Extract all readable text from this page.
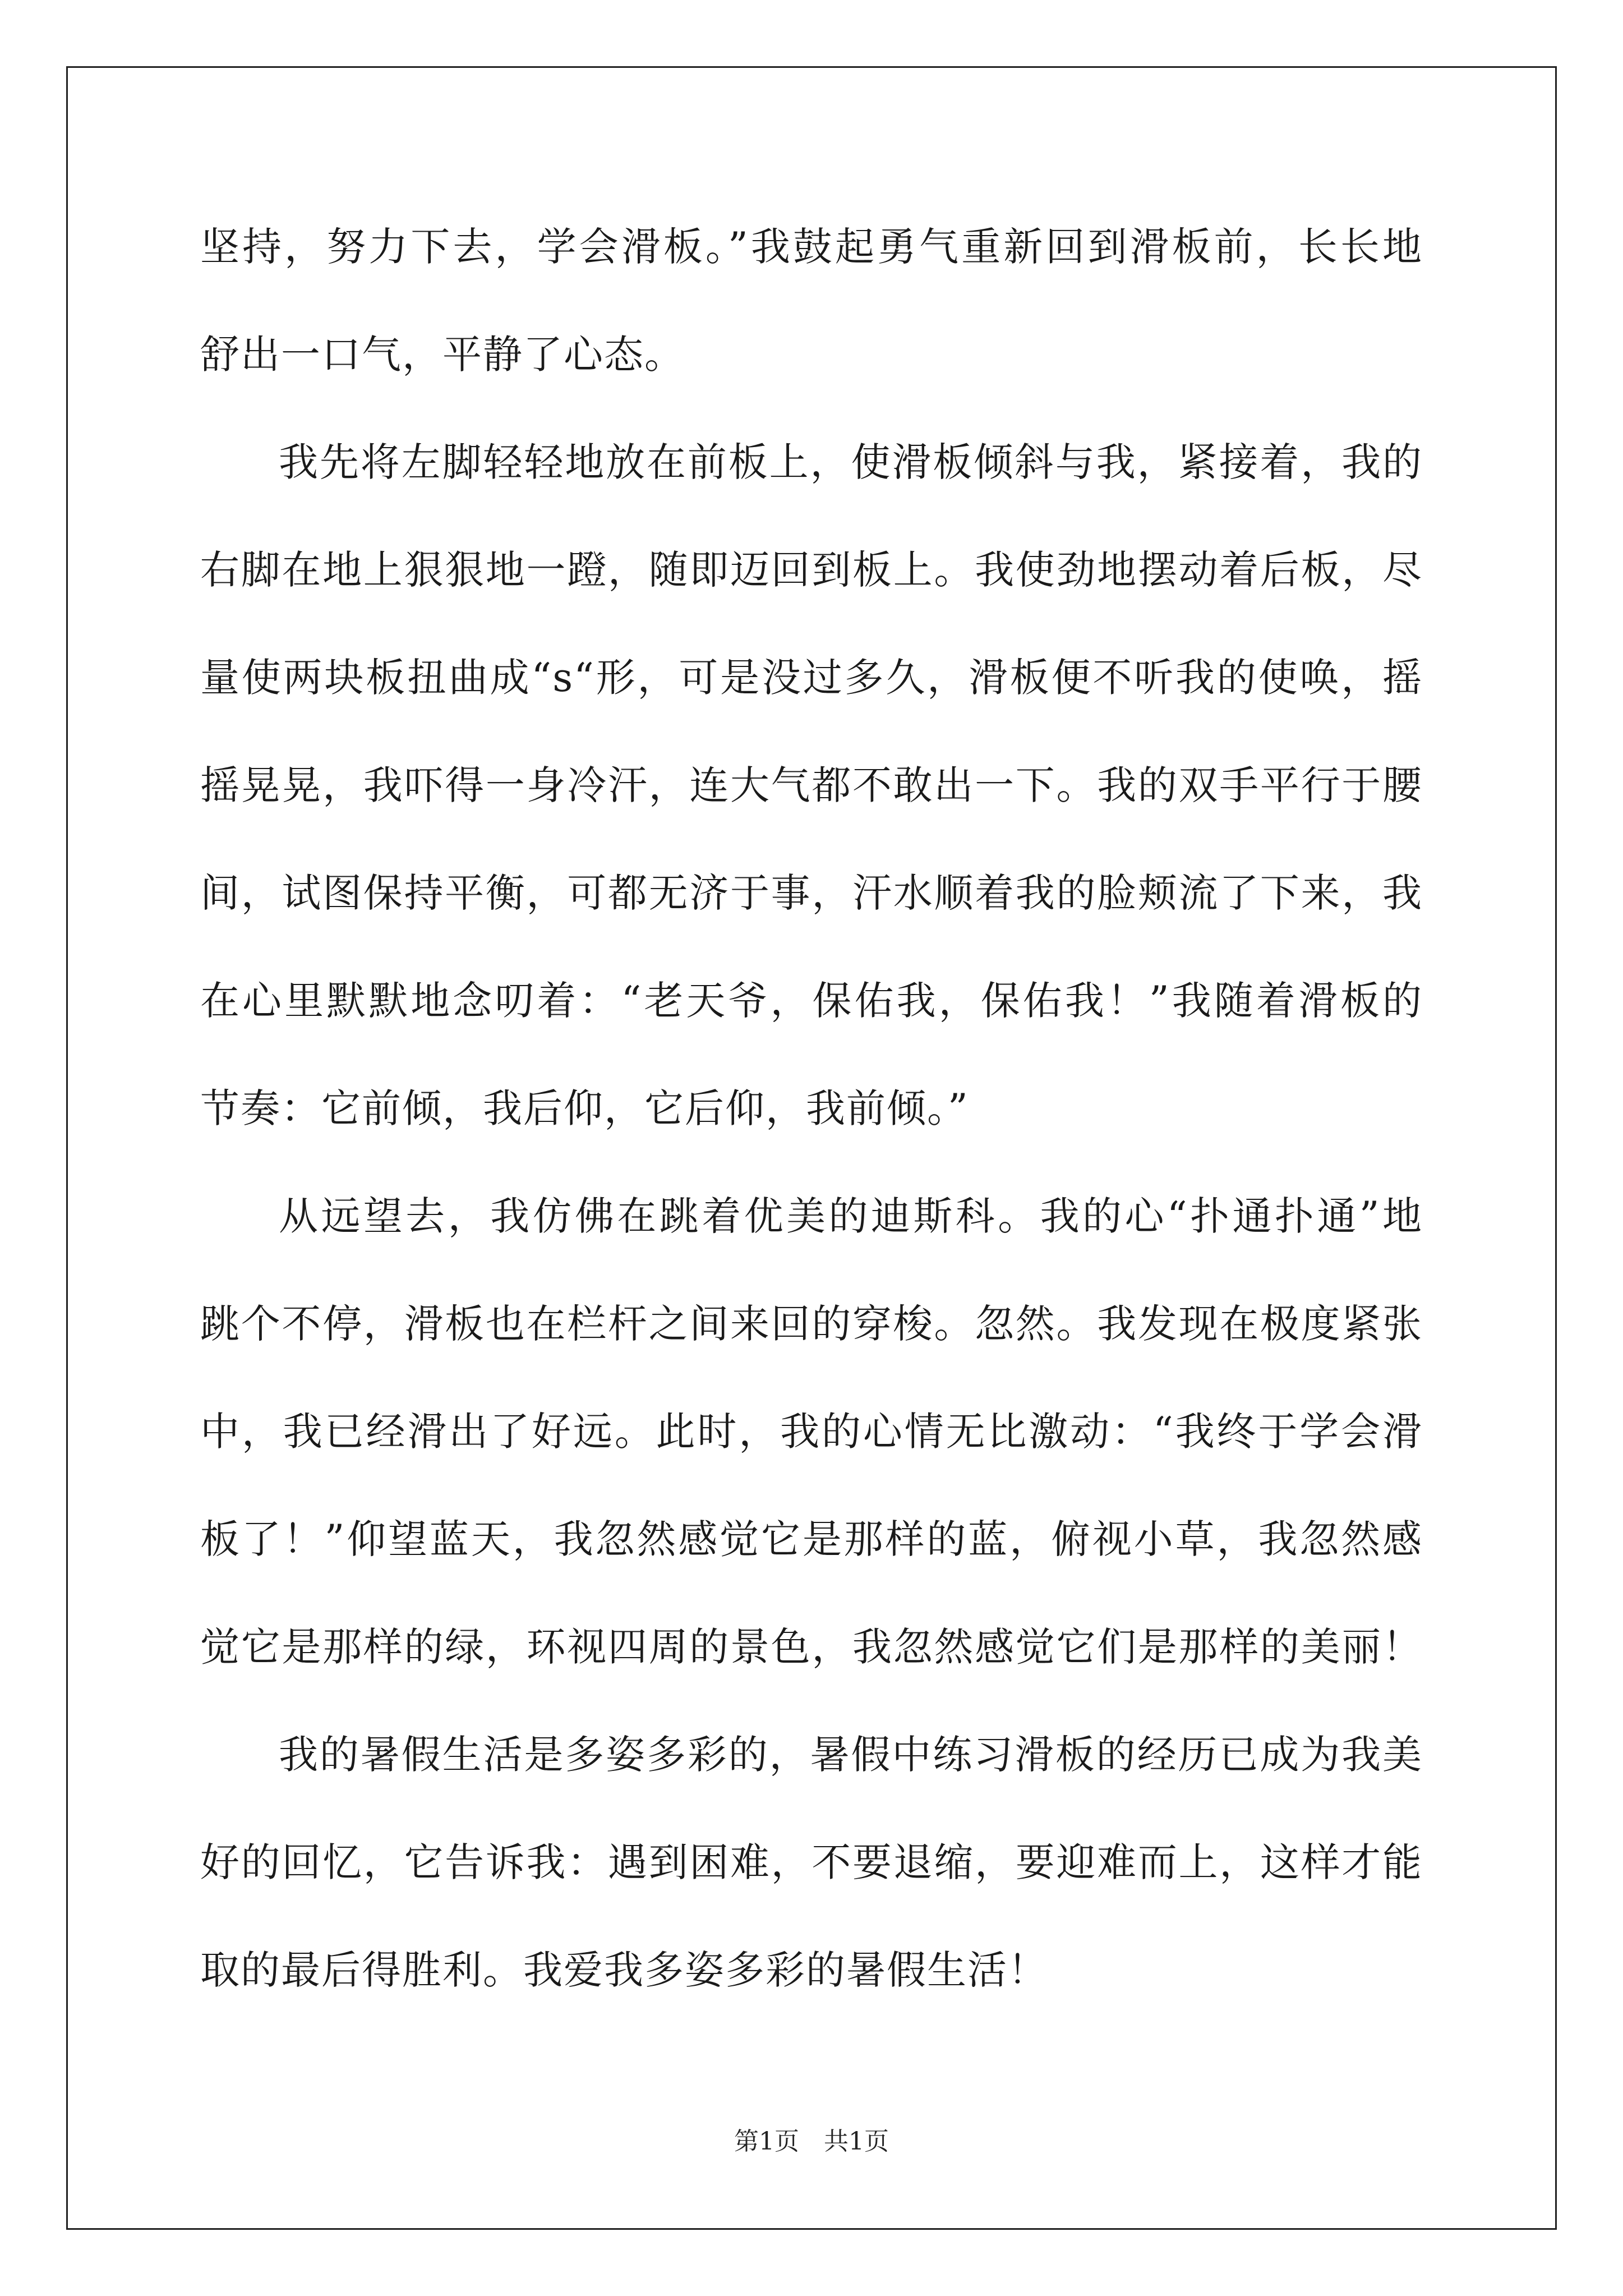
坚持，努力下去，学会滑板。”我鼓起勇气重新回到滑板前，长长地
舒出一口气，平静了心态。
我先将左脚轻轻地放在前板上，使滑板倾斜与我，紧接着，我的
右脚在地上狠狠地一蹬，随即迈回到板上。我使劲地摆动着后板，尽
量使两块板扭曲成“s“形，可是没过多久，滑板便不听我的使唤，摇
摇晃晃，我吓得一身冷汗，连大气都不敢出一下。我的双手平行于腰
间，试图保持平衡，可都无济于事，汗水顺着我的脸颊流了下来，我
在心里默默地念叨着：“老天爷，保佑我，保佑我！”我随着滑板的
节奏：它前倾，我后仰，它后仰，我前倾。”
从远望去，我仿佛在跳着优美的迪斯科。我的心“扑通扑通”地
跳个不停，滑板也在栏杆之间来回的穿梭。忽然。我发现在极度紧张
中，我已经滑出了好远。此时，我的心情无比激动：“我终于学会滑
板了！”仰望蓝天，我忽然感觉它是那样的蓝，俯视小草，我忽然感
觉它是那样的绿，环视四周的景色，我忽然感觉它们是那样的美丽！
我的暑假生活是多姿多彩的，暑假中练习滑板的经历已成为我美
好的回忆，它告诉我：遇到困难，不要退缩，要迎难而上，这样才能
取的最后得胜利。我爱我多姿多彩的暑假生活！
第1页　共1页
